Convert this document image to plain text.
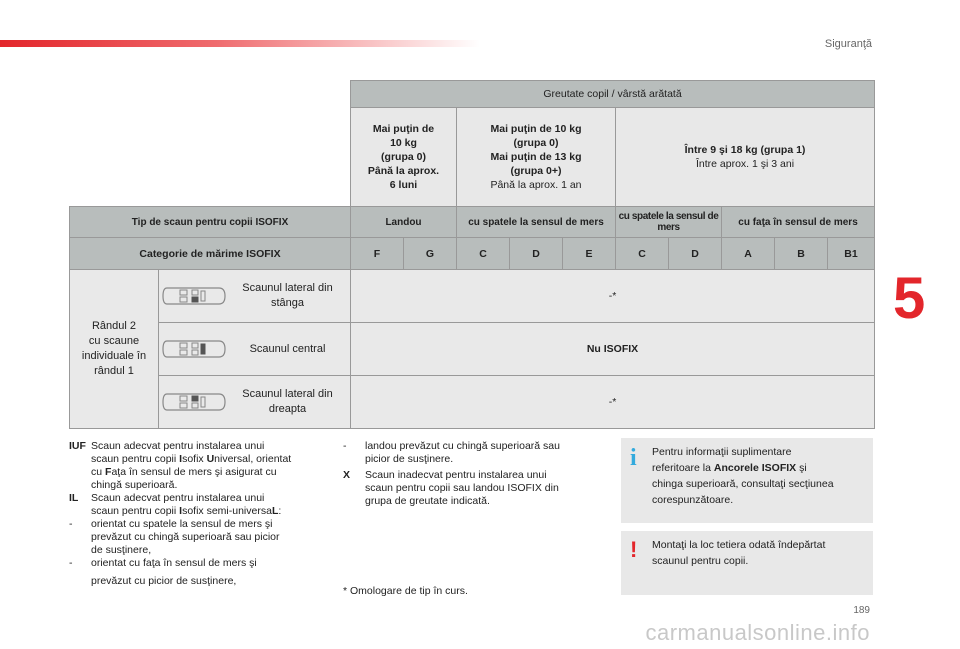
Siguranţă
5
		Greutate copil / vârstă arătată									
		Mai puţin de
10 kg
(grupa 0)
Până la aprox.
6 luni		Mai puţin de 10 kg
(grupa 0)
Mai puţin de 13 kg
(grupa 0+)
Până la aprox. 1 an			Între 9 şi 18 kg (grupa 1)
Între aprox. 1 şi 3 ani				
Tip de scaun pentru copii ISOFIX		Landou		cu spatele la sensul de mers			cu spatele la sensul de mers		cu faţa în sensul de mers		
Categorie de mărime ISOFIX		F	G	C	D	E	C	D	A	B	B1
Rândul 2
cu scaune
individuale în
rândul 1	Scaunul lateral din
stânga	-*									

	Scaunul central	Nu ISOFIX									

	Scaunul lateral din
dreapta	-*									
IUF Scaun adecvat pentru instalarea unui
scaun pentru copii Isofix Universal, orientat
cu Faţa în sensul de mers şi asigurat cu
chingă superioară.
IL Scaun adecvat pentru instalarea unui
scaun pentru copii Isofix semi-universaL:
- orientat cu spatele la sensul de mers şi
prevăzut cu chingă superioară sau picior
de susţinere,
- orientat cu faţa în sensul de mers şi
prevăzut cu picior de susţinere,
- landou prevăzut cu chingă superioară sau
picior de susţinere.
X Scaun inadecvat pentru instalarea unui
scaun pentru copii sau landou ISOFIX din
grupa de greutate indicată.
* Omologare de tip în curs.
i Pentru informaţii suplimentare
referitoare la Ancorele ISOFIX şi
chinga superioară, consultaţi secţiunea
corespunzătoare.
! Montaţi la loc tetiera odată îndepărtat
scaunul pentru copii.
189
carmanualsonline.info
